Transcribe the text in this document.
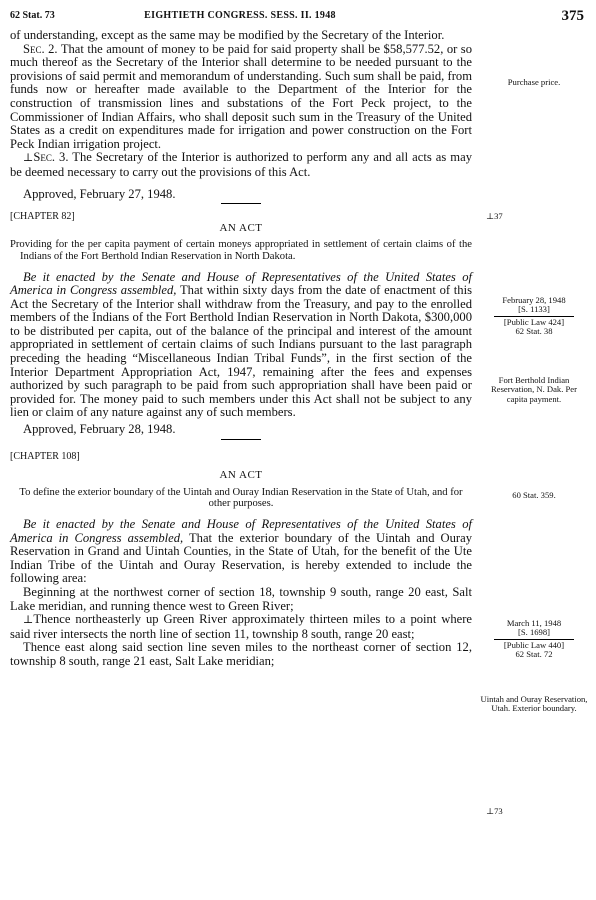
62 Stat. 73	EIGHTIETH CONGRESS. SESS. II. 1948	375

of understanding, except as the same may be modified by the Secretary of the Interior.

Sec. 2. That the amount of money to be paid for said property shall be $58,577.52, or so much thereof as the Secretary of the Interior shall determine to be needed pursuant to the provisions of said permit and memorandum of understanding. Such sum shall be paid, from funds now or hereafter made available to the Department of the Interior for the construction of transmission lines and substations of the Fort Peck project, to the Commissioner of Indian Affairs, who shall deposit such sum in the Treasury of the United States as a credit on expenditures made for irrigation and power construction on the Fort Peck Indian irrigation project.

⊥Sec. 3. The Secretary of the Interior is authorized to perform any and all acts as may be deemed necessary to carry out the provisions of this Act.

Approved, February 27, 1948.

[CHAPTER 82]
AN ACT
Providing for the per capita payment of certain moneys appropriated in settlement of certain claims of the Indians of the Fort Berthold Indian Reservation in North Dakota.

Be it enacted by the Senate and House of Representatives of the United States of America in Congress assembled, That within sixty days from the date of enactment of this Act the Secretary of the Interior shall withdraw from the Treasury, and pay to the enrolled members of the Indians of the Fort Berthold Indian Reservation in North Dakota, $300,000 to be distributed per capita, out of the balance of the principal and interest of the amount appropriated in settlement of certain claims of such Indians pursuant to the last paragraph preceding the heading “Miscellaneous Indian Tribal Funds”, in the first section of the Interior Department Appropriation Act, 1947, remaining after the fees and expenses authorized by such paragraph to be paid from such appropriation shall have been paid or provided for. The money paid to such members under this Act shall not be subject to any lien or claim of any nature against any of such members.

Approved, February 28, 1948.

[CHAPTER 108]
AN ACT
To define the exterior boundary of the Uintah and Ouray Indian Reservation in the State of Utah, and for other purposes.

Be it enacted by the Senate and House of Representatives of the United States of America in Congress assembled, That the exterior boundary of the Uintah and Ouray Reservation in Grand and Uintah Counties, in the State of Utah, for the benefit of the Ute Indian Tribe of the Uintah and Ouray Reservation, is hereby extended to include the following area:

Beginning at the northwest corner of section 18, township 9 south, range 20 east, Salt Lake meridian, and running thence west to Green River;

⊥Thence northeasterly up Green River approximately thirteen miles to a point where said river intersects the north line of section 11, township 8 south, range 20 east;

Thence east along said section line seven miles to the northeast corner of section 12, township 8 south, range 21 east, Salt Lake meridian;

Purchase price.
⊥37
February 28, 1948
[S. 1133]
[Public Law 424]
62 Stat. 38
Fort Berthold Indian Reservation, N. Dak. Per capita payment.
60 Stat. 359.
March 11, 1948
[S. 1698]
[Public Law 440]
62 Stat. 72
Uintah and Ouray Reservation, Utah. Exterior boundary.
⊥73
